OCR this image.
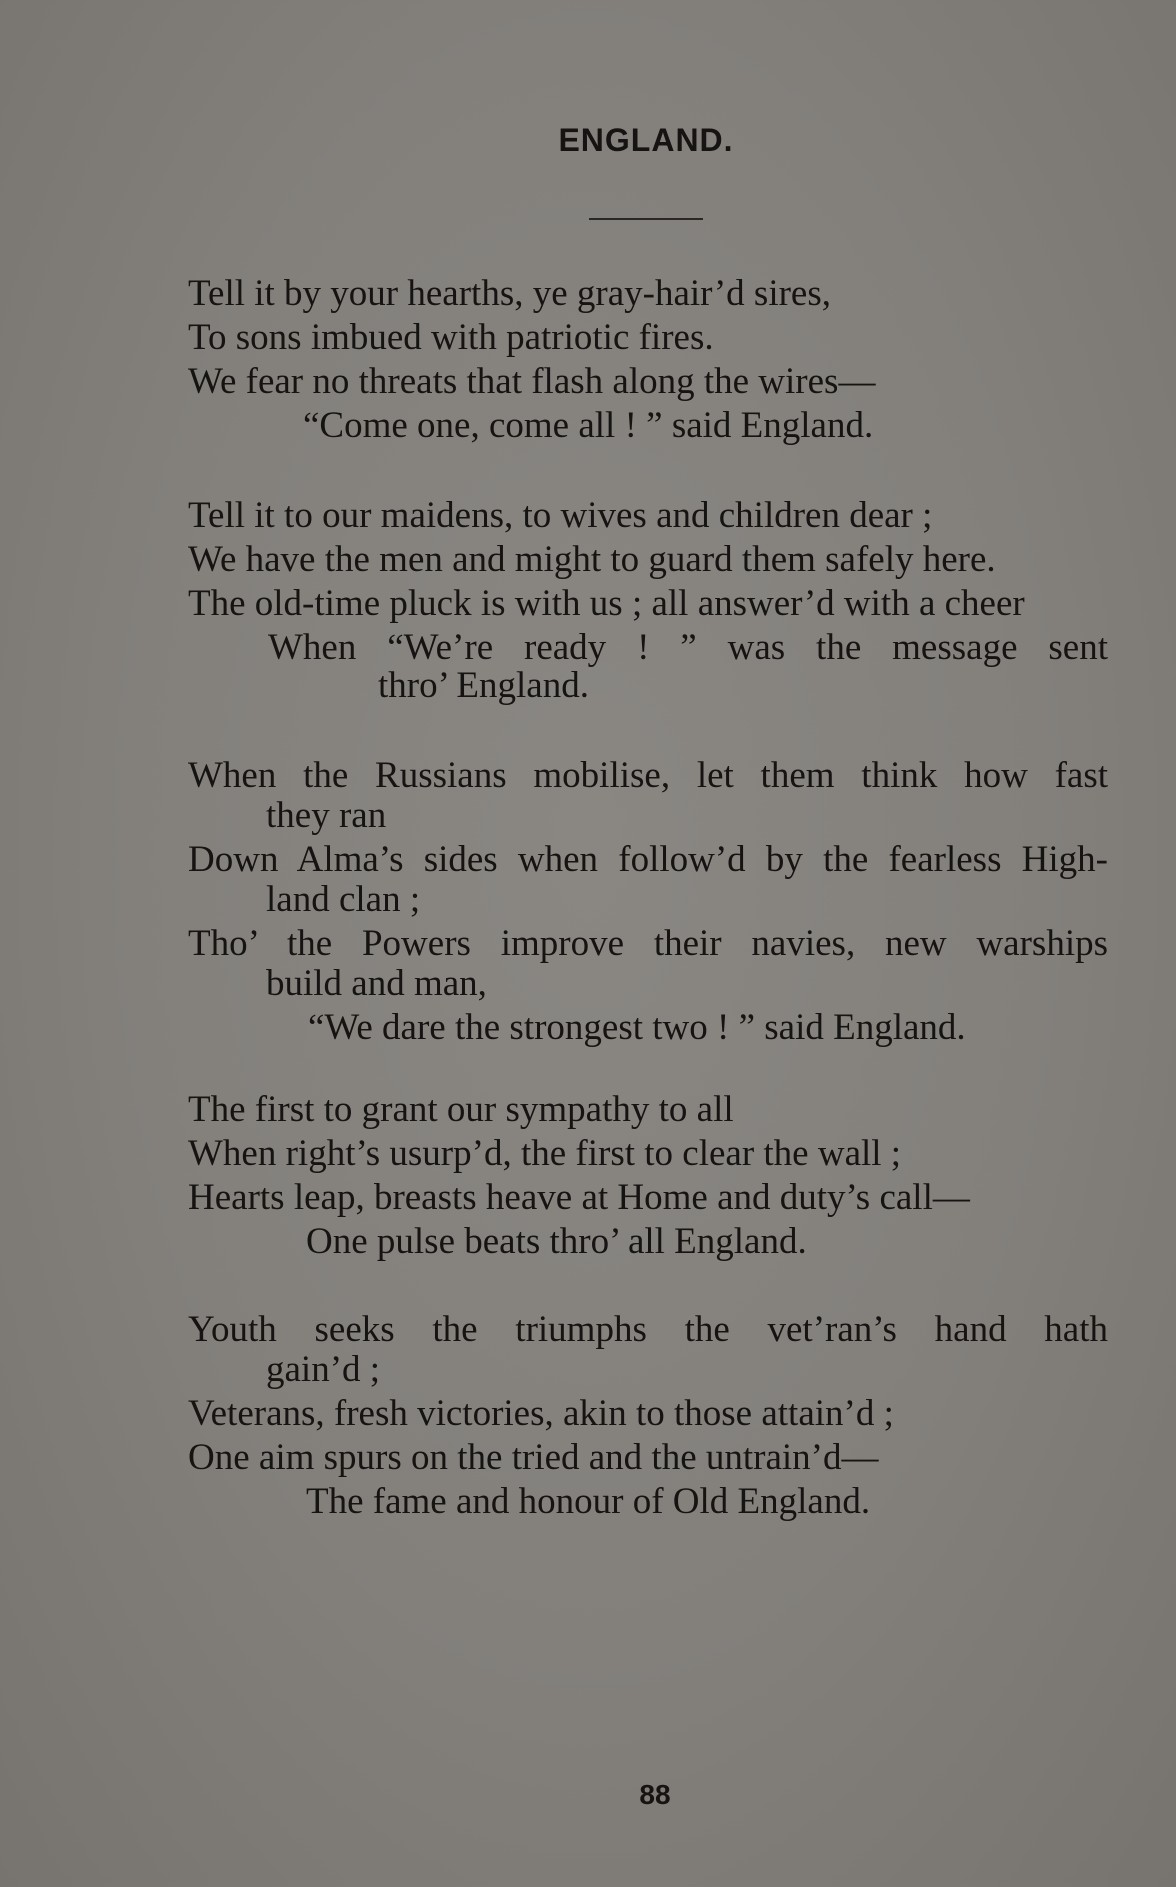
ENGLAND.
Tell it by your hearths, ye gray-hair’d sires,
To sons imbued with patriotic fires.
We fear no threats that flash along the wires—
“Come one, come all ! ” said England.
Tell it to our maidens, to wives and children dear ;
We have the men and might to guard them safely here.
The old-time pluck is with us ; all answer’d with a cheer
When “We’re ready ! ” was the message sent
thro’ England.
When the Russians mobilise, let them think how fast
they ran
Down Alma’s sides when follow’d by the fearless High-
land clan ;
Tho’ the Powers improve their navies, new warships
build and man,
“We dare the strongest two ! ” said England.
The first to grant our sympathy to all
When right’s usurp’d, the first to clear the wall ;
Hearts leap, breasts heave at Home and duty’s call—
One pulse beats thro’ all England.
Youth seeks the triumphs the vet’ran’s hand hath
gain’d ;
Veterans, fresh victories, akin to those attain’d ;
One aim spurs on the tried and the untrain’d—
The fame and honour of Old England.
88
